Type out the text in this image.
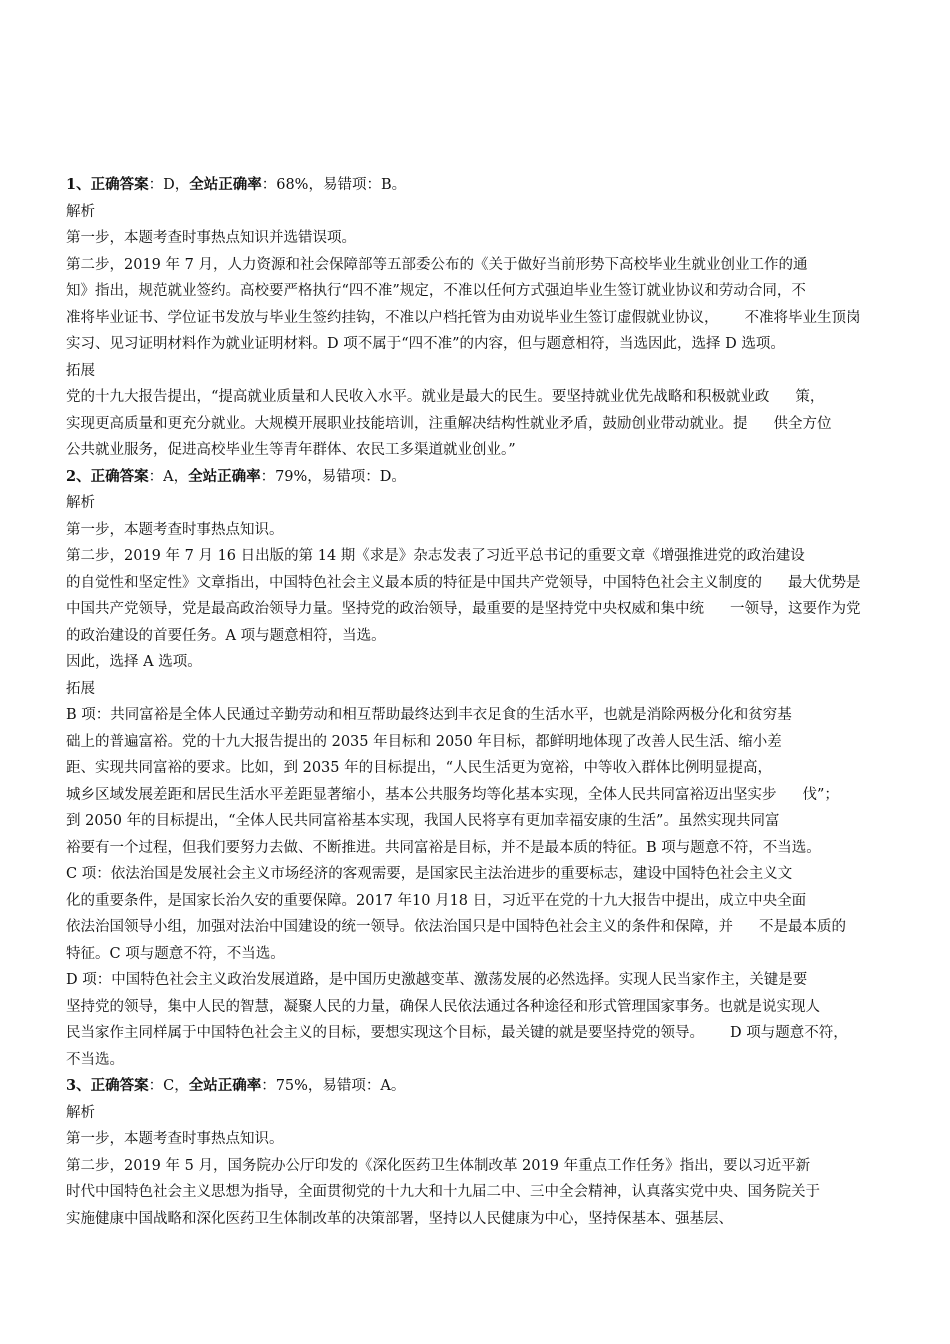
1、正确答案：D，全站正确率：68%，易错项：B。
解析
第一步，本题考查时事热点知识并选错误项。
第二步，2019 年 7 月，人力资源和社会保障部等五部委公布的《关于做好当前形势下高校毕业生就业创业工作的通
知》指出，规范就业签约。高校要严格执行“四不准”规定，不准以任何方式强迫毕业生签订就业协议和劳动合同，不
准将毕业证书、学位证书发放与毕业生签约挂钩，不准以户档托管为由劝说毕业生签订虚假就业协议， 不准将毕业生顶岗
实习、见习证明材料作为就业证明材料。D 项不属于“四不准”的内容，但与题意相符，当选因此，选择 D 选项。
拓展
党的十九大报告提出，“提高就业质量和人民收入水平。就业是最大的民生。要坚持就业优先战略和积极就业政 策，
实现更高质量和更充分就业。大规模开展职业技能培训，注重解决结构性就业矛盾，鼓励创业带动就业。提 供全方位
公共就业服务，促进高校毕业生等青年群体、农民工多渠道就业创业。”
2、正确答案：A，全站正确率：79%，易错项：D。
解析
第一步，本题考查时事热点知识。
第二步，2019 年 7 月 16 日出版的第 14 期《求是》杂志发表了习近平总书记的重要文章《增强推进党的政治建设
的自觉性和坚定性》文章指出，中国特色社会主义最本质的特征是中国共产党领导，中国特色社会主义制度的 最大优势是
中国共产党领导，党是最高政治领导力量。坚持党的政治领导，最重要的是坚持党中央权威和集中统 一领导，这要作为党
的政治建设的首要任务。A 项与题意相符，当选。
因此，选择 A 选项。
拓展
B 项：共同富裕是全体人民通过辛勤劳动和相互帮助最终达到丰衣足食的生活水平，也就是消除两极分化和贫穷基
础上的普遍富裕。党的十九大报告提出的 2035 年目标和 2050 年目标，都鲜明地体现了改善人民生活、缩小差
距、实现共同富裕的要求。比如，到 2035 年的目标提出，“人民生活更为宽裕，中等收入群体比例明显提高，
城乡区域发展差距和居民生活水平差距显著缩小，基本公共服务均等化基本实现，全体人民共同富裕迈出坚实步 伐”；
到 2050 年的目标提出，“全体人民共同富裕基本实现，我国人民将享有更加幸福安康的生活”。虽然实现共同富
裕要有一个过程，但我们要努力去做、不断推进。共同富裕是目标，并不是最本质的特征。B 项与题意不符，不当选。
C 项：依法治国是发展社会主义市场经济的客观需要，是国家民主法治进步的重要标志，建设中国特色社会主义文
化的重要条件，是国家长治久安的重要保障。2017 年10 月18 日，习近平在党的十九大报告中提出，成立中央全面
依法治国领导小组，加强对法治中国建设的统一领导。依法治国只是中国特色社会主义的条件和保障，并 不是最本质的
特征。C 项与题意不符，不当选。
D 项：中国特色社会主义政治发展道路，是中国历史激越变革、激荡发展的必然选择。实现人民当家作主，关键是要
坚持党的领导，集中人民的智慧，凝聚人民的力量，确保人民依法通过各种途径和形式管理国家事务。也就是说实现人
民当家作主同样属于中国特色社会主义的目标，要想实现这个目标，最关键的就是要坚持党的领导。 D 项与题意不符，
不当选。
3、正确答案：C，全站正确率：75%，易错项：A。
解析
第一步，本题考查时事热点知识。
第二步，2019 年 5 月，国务院办公厅印发的《深化医药卫生体制改革 2019 年重点工作任务》指出，要以习近平新
时代中国特色社会主义思想为指导，全面贯彻党的十九大和十九届二中、三中全会精神，认真落实党中央、国务院关于
实施健康中国战略和深化医药卫生体制改革的决策部署，坚持以人民健康为中心，坚持保基本、强基层、
